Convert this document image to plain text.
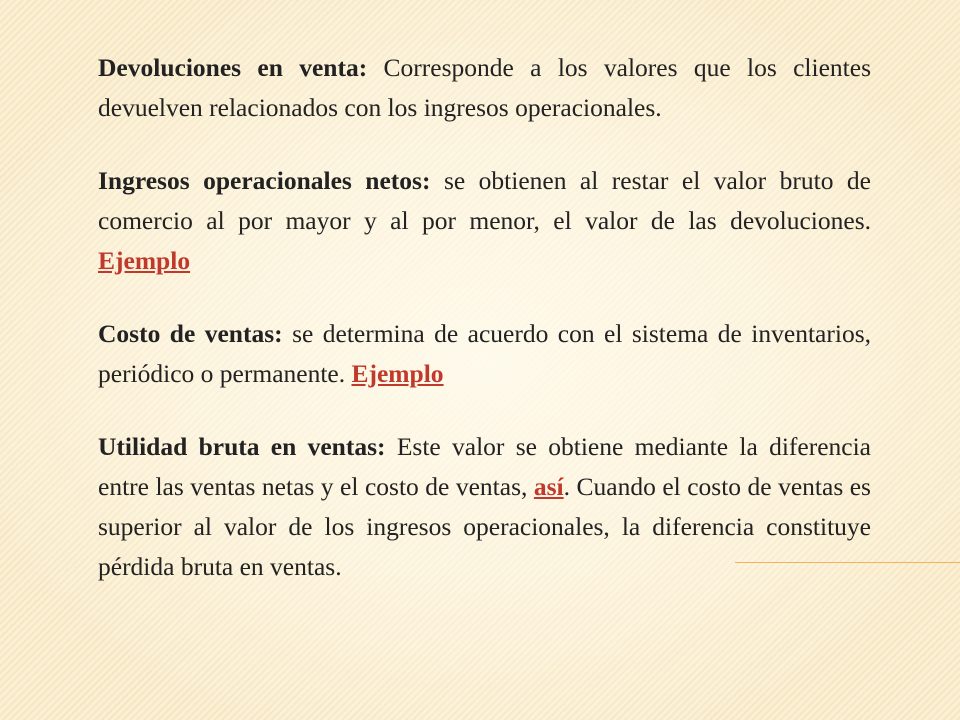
Devoluciones en venta: Corresponde a los valores que los clientes devuelven relacionados con los ingresos operacionales.

Ingresos operacionales netos: se obtienen al restar el valor bruto de comercio al por mayor y al por menor, el valor de las devoluciones. Ejemplo

Costo de ventas: se determina de acuerdo con el sistema de inventarios, periódico o permanente. Ejemplo

Utilidad bruta en ventas: Este valor se obtiene mediante la diferencia entre las ventas netas y el costo de ventas, así. Cuando el costo de ventas es superior al valor de los ingresos operacionales, la diferencia constituye pérdida bruta en ventas.
